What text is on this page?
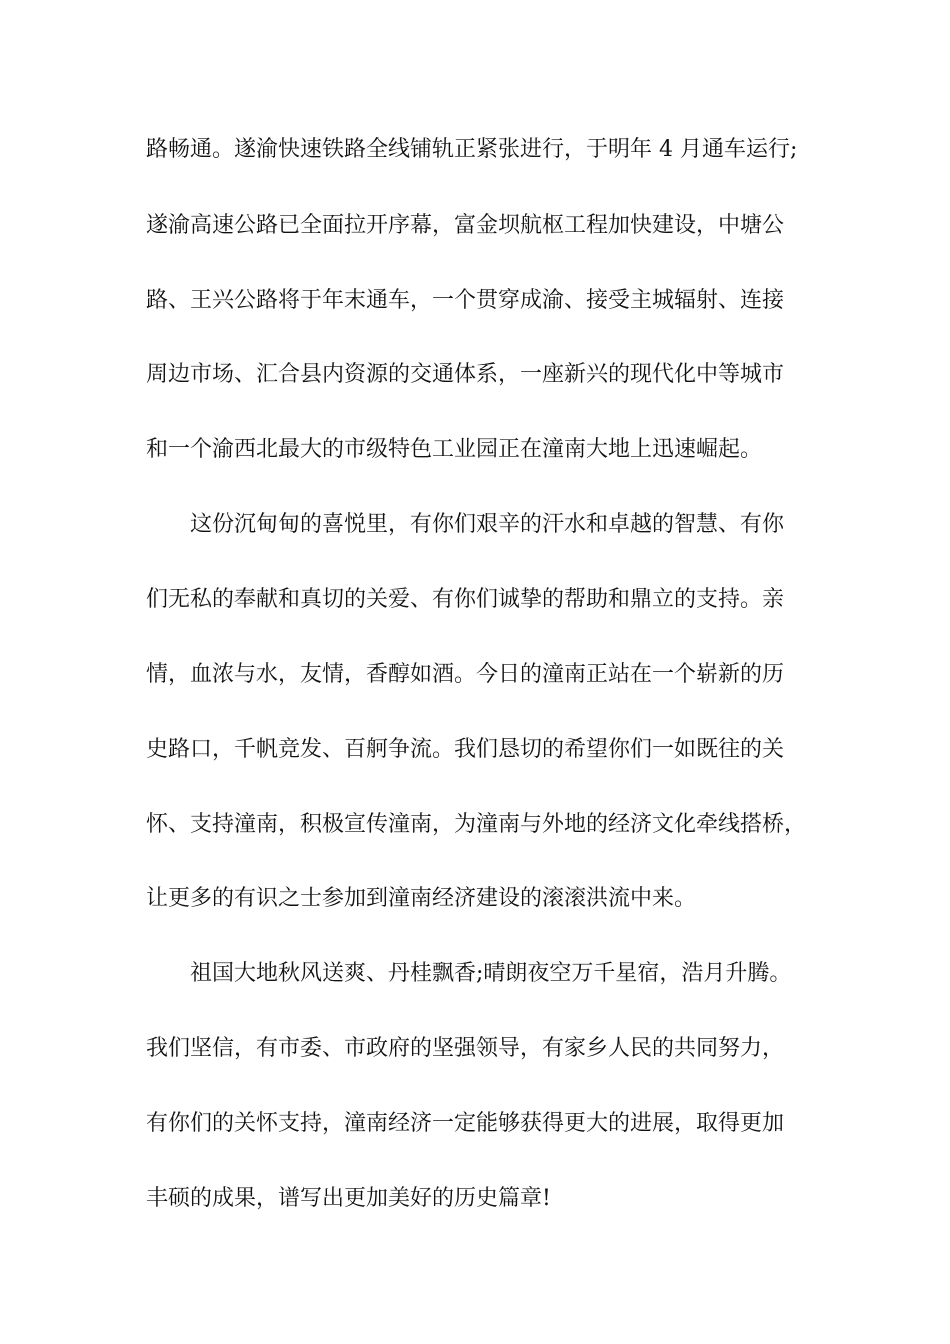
路畅通。遂渝快速铁路全线铺轨正紧张进行，于明年 4 月通车运行;
遂渝高速公路已全面拉开序幕，富金坝航枢工程加快建设，中塘公
路、王兴公路将于年末通车，一个贯穿成渝、接受主城辐射、连接
周边市场、汇合县内资源的交通体系，一座新兴的现代化中等城市
和一个渝西北最大的市级特色工业园正在潼南大地上迅速崛起。
这份沉甸甸的喜悦里，有你们艰辛的汗水和卓越的智慧、有你
们无私的奉献和真切的关爱、有你们诚挚的帮助和鼎立的支持。亲
情，血浓与水，友情，香醇如酒。今日的潼南正站在一个崭新的历
史路口，千帆竞发、百舸争流。我们恳切的希望你们一如既往的关
怀、支持潼南，积极宣传潼南，为潼南与外地的经济文化牵线搭桥，
让更多的有识之士参加到潼南经济建设的滚滚洪流中来。
祖国大地秋风送爽、丹桂飘香;晴朗夜空万千星宿，浩月升腾。
我们坚信，有市委、市政府的坚强领导，有家乡人民的共同努力，
有你们的关怀支持，潼南经济一定能够获得更大的进展，取得更加
丰硕的成果，谱写出更加美好的历史篇章!
